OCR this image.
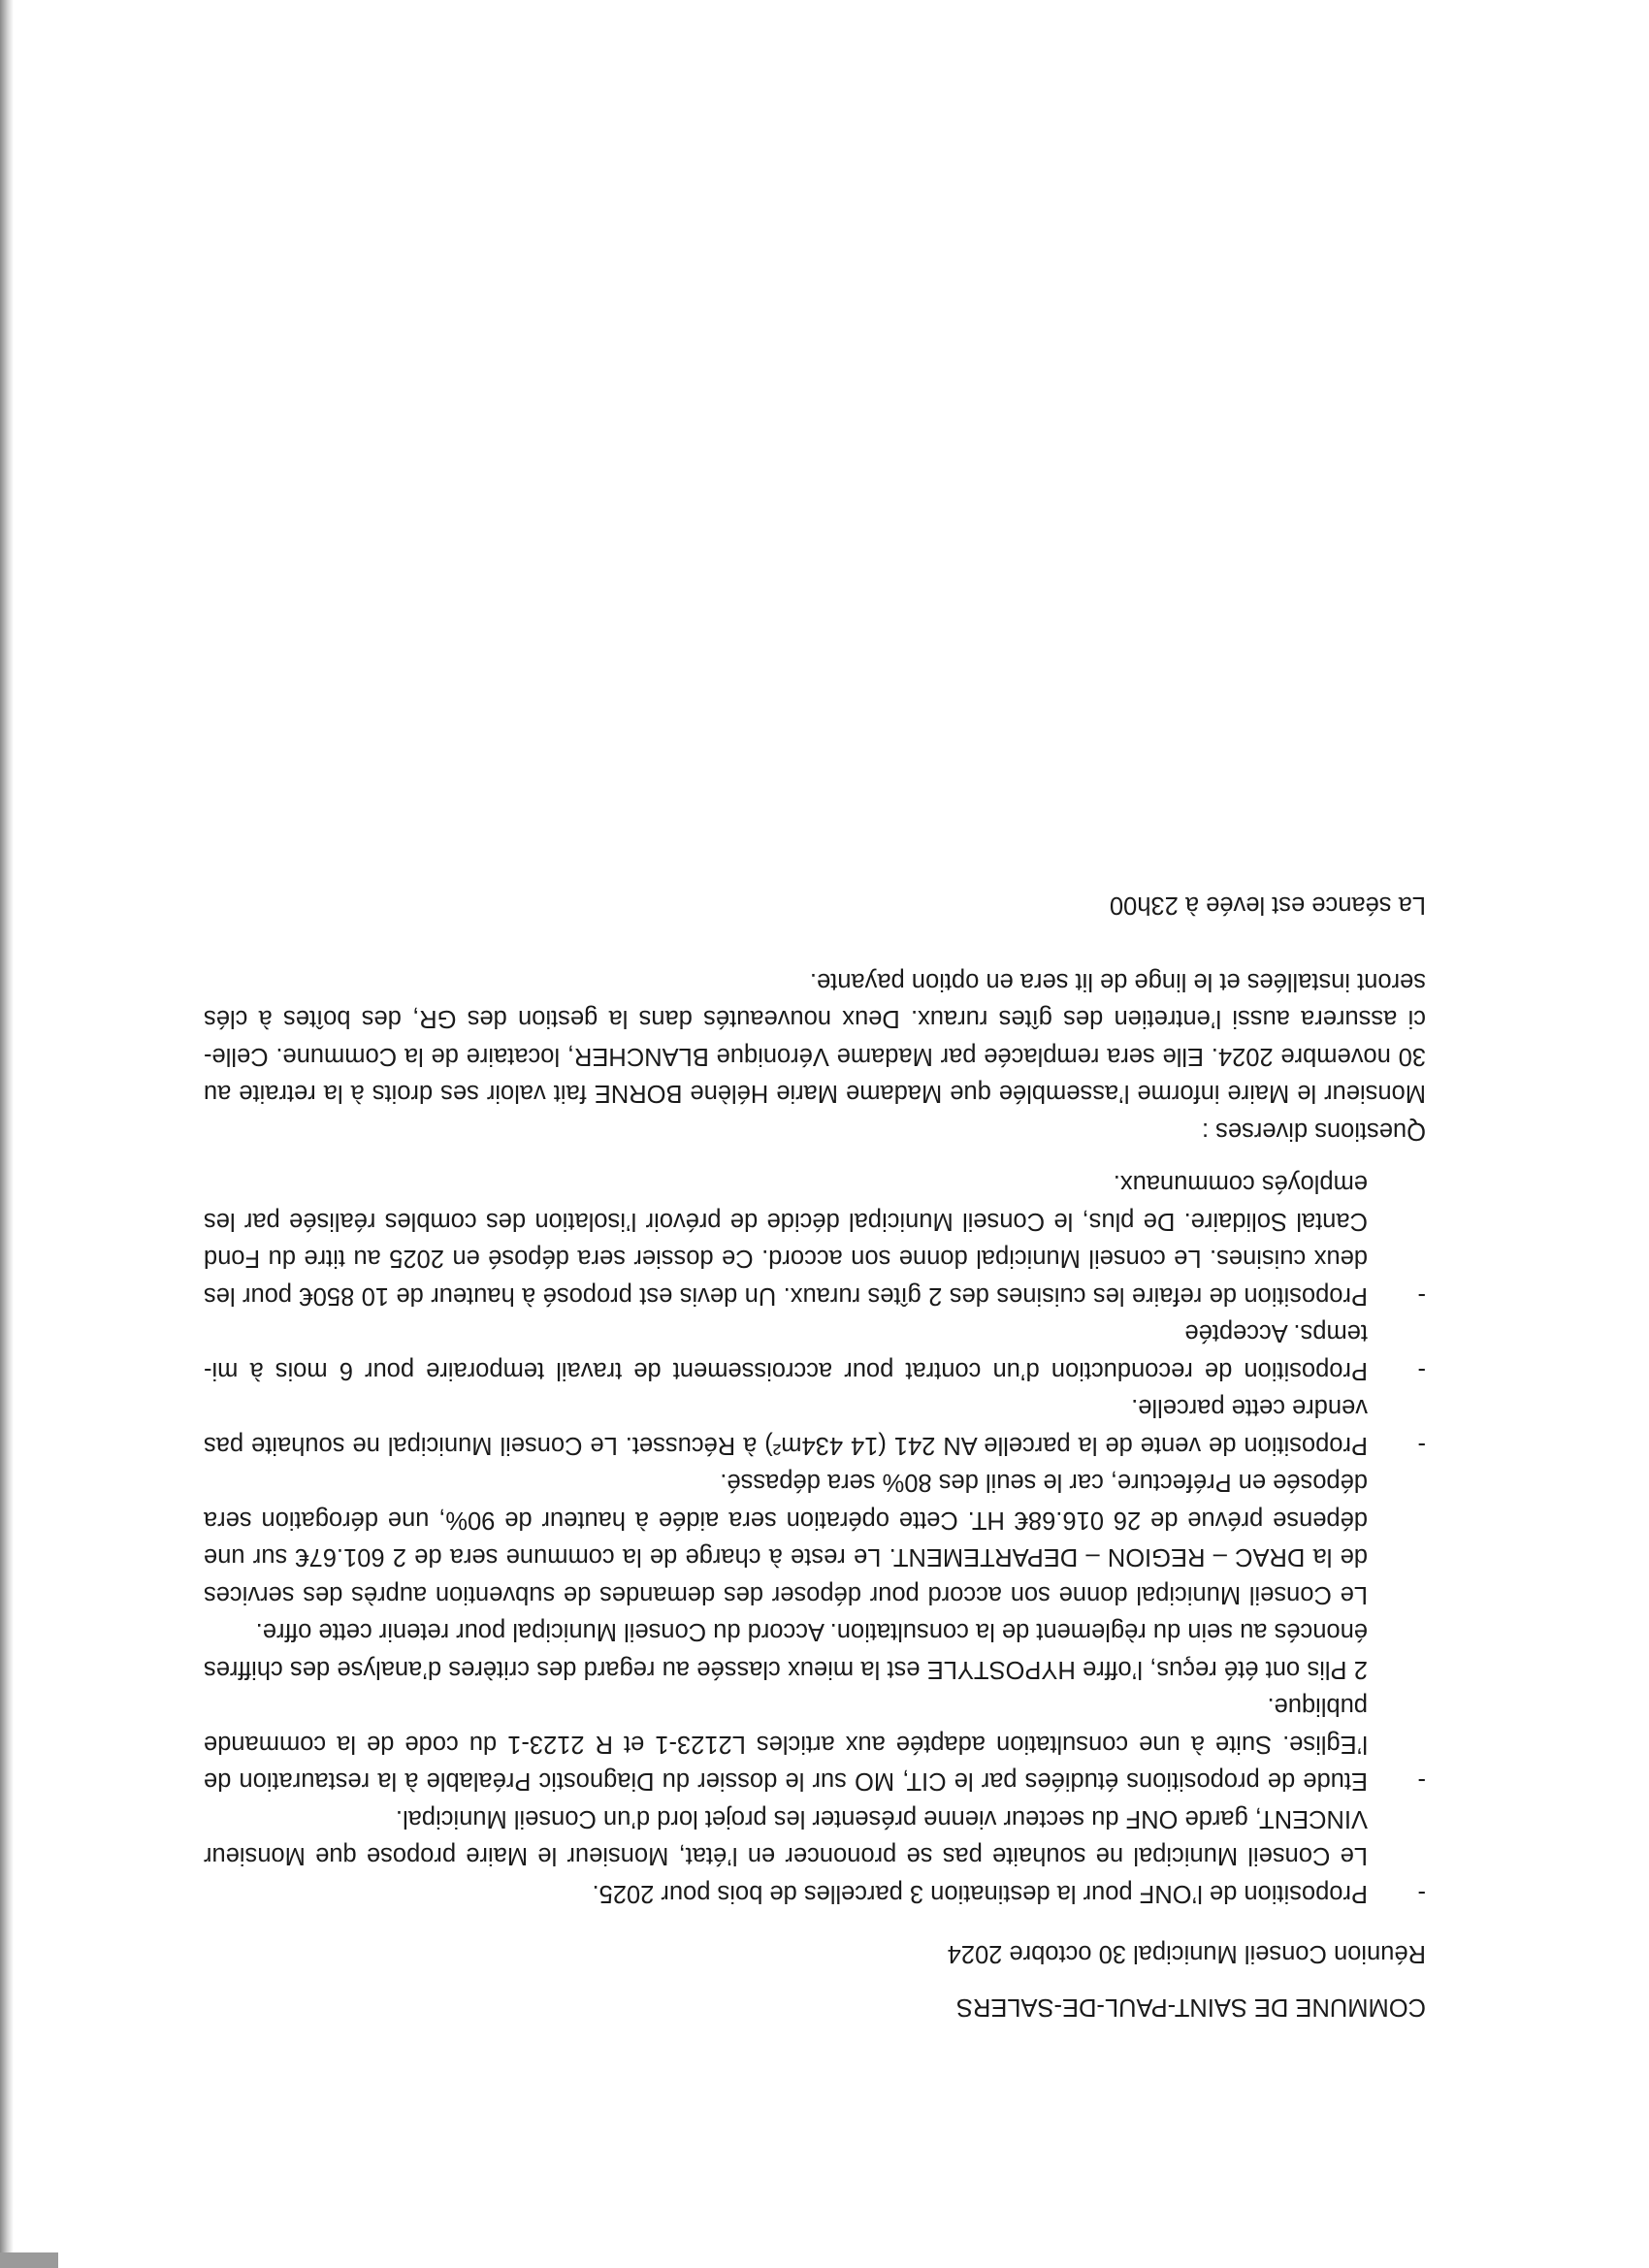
COMMUNE DE SAINT-PAUL-DE-SALERS

Réunion Conseil Municipal 30 octobre 2024

-

Proposition de l’ONF pour la destination 3 parcelles de bois pour 2025.

Le Conseil Municipal ne souhaite pas se prononcer en l’état, Monsieur le Maire propose que Monsieur VINCENT, garde ONF du secteur vienne présenter les projet lord d’un Conseil Municipal.

-

Etude de propositions étudiées par le CIT, MO sur le dossier du Diagnostic Préalable à la restauration de l’Eglise. Suite à une consultation adaptée aux articles L2123-1 et R 2123-1 du code de la commande publique.

2 Plis ont été reçus, l’offre HYPOSTYLE est la mieux classée au regard des critères d’analyse des chiffres énoncés au sein du règlement de la consultation. Accord du Conseil Municipal pour retenir cette offre.

Le Conseil Municipal donne son accord pour déposer des demandes de subvention auprès des services de la DRAC – REGION – DEPARTEMENT. Le reste à charge de la commune sera de 2 601.67€ sur une dépense prévue de 26 016.68€ HT. Cette opération sera aidée à hauteur de 90%, une dérogation sera déposée en Préfecture, car le seuil des 80% sera dépassé.

-

Proposition de vente de la parcelle AN 241 (14 434m²) à Récusset. Le Conseil Municipal ne souhaite pas vendre cette parcelle.

-

Proposition de reconduction d’un contrat pour accroissement de travail temporaire pour 6 mois à mi-temps. Acceptée

-

Proposition de refaire les cuisines des 2 gîtes ruraux. Un devis est proposé à hauteur de 10 850€ pour les deux cuisines. Le conseil Municipal donne son accord. Ce dossier sera déposé en 2025 au titre du Fond Cantal Solidaire. De plus, le Conseil Municipal décide de prévoir l’isolation des combles réalisée par les employés communaux.

Questions diverses :

Monsieur le Maire informe l’assemblée que Madame Marie Hélène BORNE fait valoir ses droits à la retraite au 30 novembre 2024. Elle sera remplacée par Madame Véronique BLANCHER, locataire de la Commune. Celle-ci assurera aussi l’entretien des gîtes ruraux. Deux nouveautés dans la gestion des GR, des boîtes à clés seront installées et le linge de lit sera en option payante.

La séance est levée à 23h00
